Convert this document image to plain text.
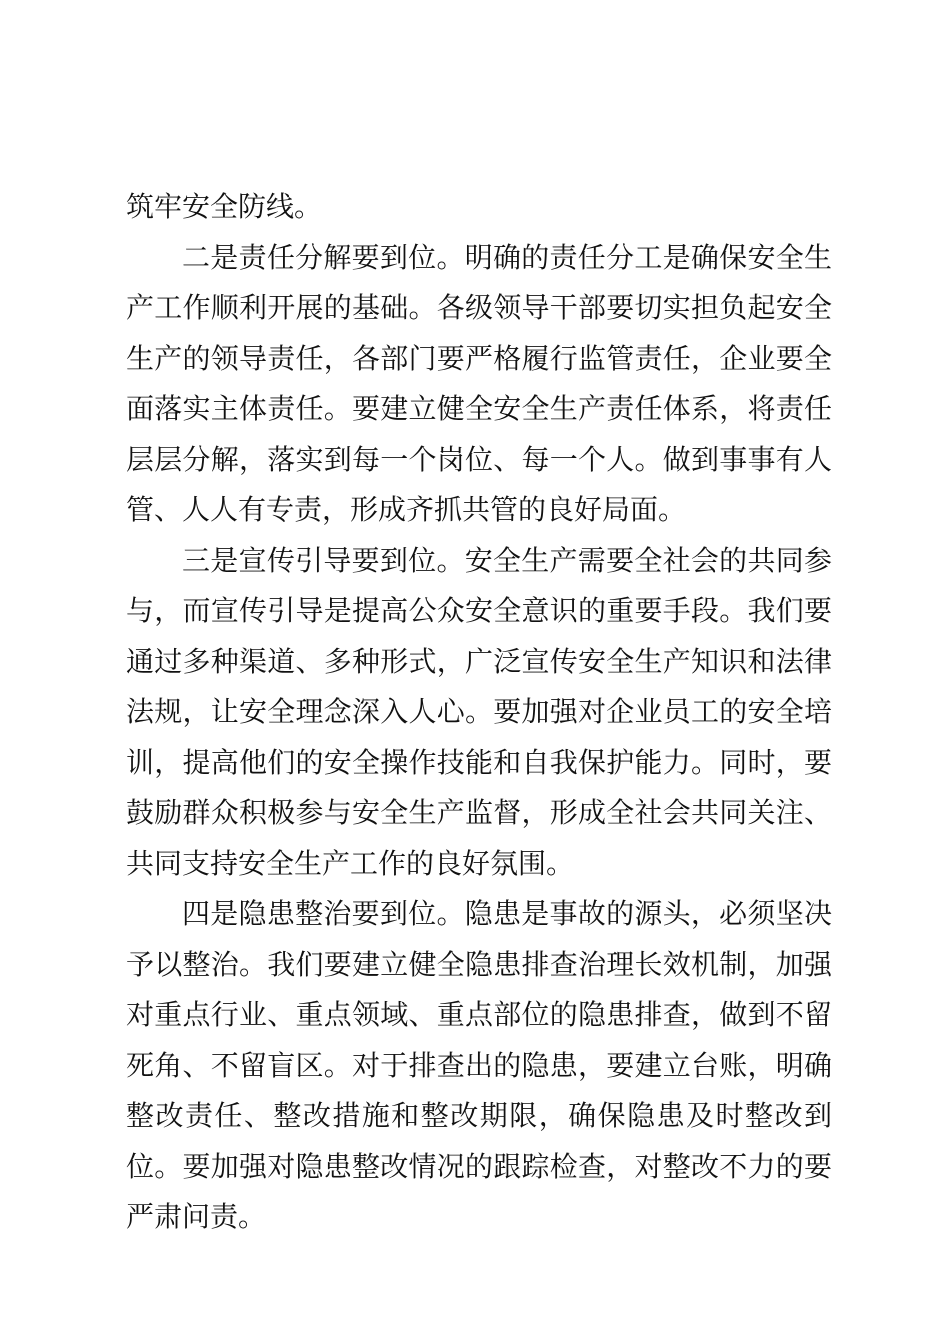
筑牢安全防线。

二是责任分解要到位。明确的责任分工是确保安全生产工作顺利开展的基础。各级领导干部要切实担负起安全生产的领导责任，各部门要严格履行监管责任，企业要全面落实主体责任。要建立健全安全生产责任体系，将责任层层分解，落实到每一个岗位、每一个人。做到事事有人管、人人有专责，形成齐抓共管的良好局面。

三是宣传引导要到位。安全生产需要全社会的共同参与，而宣传引导是提高公众安全意识的重要手段。我们要通过多种渠道、多种形式，广泛宣传安全生产知识和法律法规，让安全理念深入人心。要加强对企业员工的安全培训，提高他们的安全操作技能和自我保护能力。同时，要鼓励群众积极参与安全生产监督，形成全社会共同关注、共同支持安全生产工作的良好氛围。

四是隐患整治要到位。隐患是事故的源头，必须坚决予以整治。我们要建立健全隐患排查治理长效机制，加强对重点行业、重点领域、重点部位的隐患排查，做到不留死角、不留盲区。对于排查出的隐患，要建立台账，明确整改责任、整改措施和整改期限，确保隐患及时整改到位。要加强对隐患整改情况的跟踪检查，对整改不力的要严肃问责。
